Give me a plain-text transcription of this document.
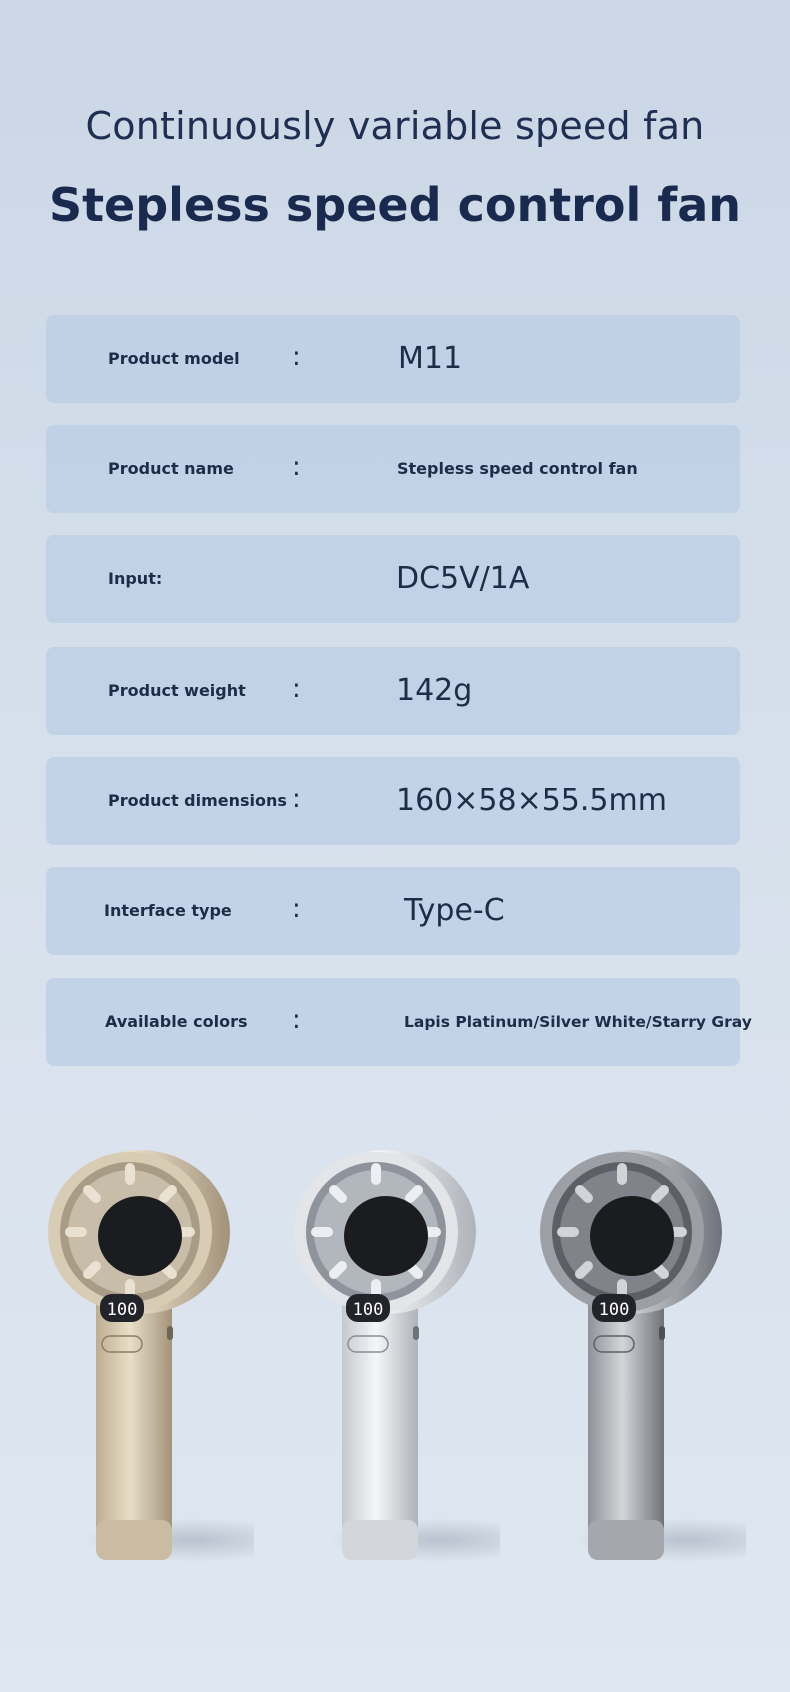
Continuously variable speed fan
Stepless speed control fan
Product model :	M11
Product name :	Stepless speed control fan
Input:	DC5V/1A
Product weight :	142g
Product dimensions :	160×58×55.5mm
Interface type :	Type-C
Available colors :	Lapis Platinum/Silver White/Starry Gray
100	100	100
